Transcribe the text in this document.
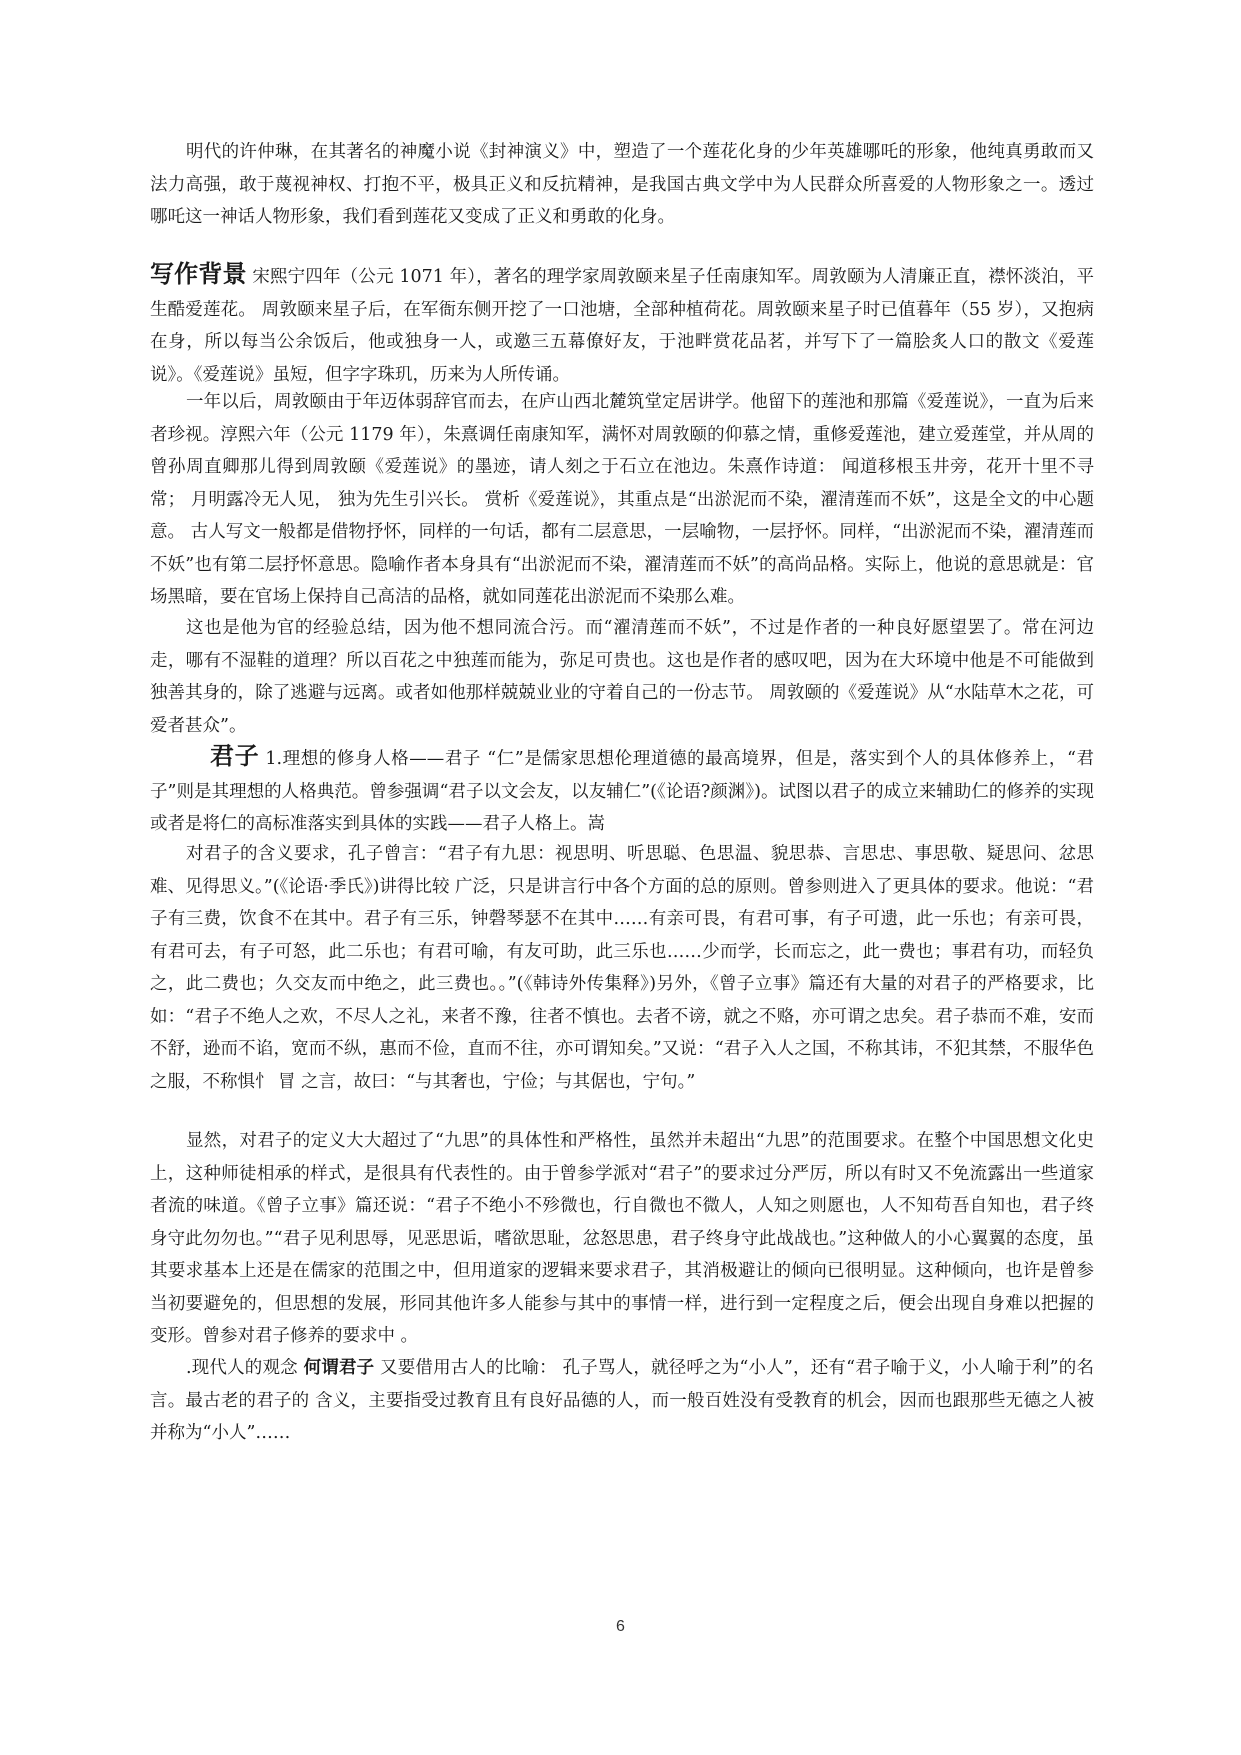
明代的许仲琳，在其著名的神魔小说《封神演义》中，塑造了一个莲花化身的少年英雄哪吒的形象，他纯真勇敢而又法力高强，敢于蔑视神权、打抱不平，极具正义和反抗精神，是我国古典文学中为人民群众所喜爱的人物形象之一。透过哪吒这一神话人物形象，我们看到莲花又变成了正义和勇敢的化身。

写作背景 宋熙宁四年（公元 1071 年），著名的理学家周敦颐来星子任南康知军。周敦颐为人清廉正直，襟怀淡泊，平生酷爱莲花。 周敦颐来星子后，在军衙东侧开挖了一口池塘，全部种植荷花。周敦颐来星子时已值暮年（55 岁），又抱病在身，所以每当公余饭后，他或独身一人，或邀三五幕僚好友，于池畔赏花品茗，并写下了一篇脍炙人口的散文《爱莲说》。《爱莲说》虽短，但字字珠玑，历来为人所传诵。

一年以后，周敦颐由于年迈体弱辞官而去，在庐山西北麓筑堂定居讲学。他留下的莲池和那篇《爱莲说》，一直为后来者珍视。淳熙六年（公元 1179 年），朱熹调任南康知军，满怀对周敦颐的仰慕之情，重修爱莲池，建立爱莲堂，并从周的曾孙周直卿那儿得到周敦颐《爱莲说》的墨迹，请人刻之于石立在池边。朱熹作诗道： 闻道移根玉井旁，花开十里不寻常； 月明露冷无人见， 独为先生引兴长。 赏析《爱莲说》，其重点是“出淤泥而不染，濯清莲而不妖”，这是全文的中心题意。 古人写文一般都是借物抒怀，同样的一句话，都有二层意思，一层喻物，一层抒怀。同样，“出淤泥而不染，濯清莲而不妖”也有第二层抒怀意思。隐喻作者本身具有“出淤泥而不染，濯清莲而不妖”的高尚品格。实际上，他说的意思就是：官场黑暗，要在官场上保持自己高洁的品格，就如同莲花出淤泥而不染那么难。

这也是他为官的经验总结，因为他不想同流合污。而“濯清莲而不妖”，不过是作者的一种良好愿望罢了。常在河边走，哪有不湿鞋的道理？所以百花之中独莲而能为，弥足可贵也。这也是作者的感叹吧，因为在大环境中他是不可能做到独善其身的，除了逃避与远离。或者如他那样兢兢业业的守着自己的一份志节。 周敦颐的《爱莲说》从“水陆草木之花，可爱者甚众”。

君子 1.理想的修身人格——君子 “仁”是儒家思想伦理道德的最高境界，但是，落实到个人的具体修养上，“君子”则是其理想的人格典范。曾参强调“君子以文会友，以友辅仁”(《论语?颜渊》)。试图以君子的成立来辅助仁的修养的实现或者是将仁的高标准落实到具体的实践——君子人格上。嵩

对君子的含义要求，孔子曾言：“君子有九思：视思明、听思聪、色思温、貌思恭、言思忠、事思敬、疑思问、忿思难、见得思义。”(《论语·季氏》)讲得比较 广泛，只是讲言行中各个方面的总的原则。曾参则进入了更具体的要求。他说：“君子有三费，饮食不在其中。君子有三乐，钟磬琴瑟不在其中……有亲可畏，有君可事，有子可遗，此一乐也；有亲可畏，有君可去，有子可怒，此二乐也；有君可喻，有友可助，此三乐也……少而学，长而忘之，此一费也；事君有功，而轻负之，此二费也；久交友而中绝之，此三费也。。”(《韩诗外传集释》)另外，《曾子立事》篇还有大量的对君子的严格要求，比如：“君子不绝人之欢，不尽人之礼，来者不豫，往者不慎也。去者不谤，就之不赂，亦可谓之忠矣。君子恭而不难，安而不舒，逊而不谄，宽而不纵，惠而不俭，直而不往，亦可谓知矣。”又说：“君子入人之国，不称其讳，不犯其禁，不服华色之服，不称惧忄 冒 之言，故曰：“与其奢也，宁俭；与其倨也，宁句。”

显然，对君子的定义大大超过了“九思”的具体性和严格性，虽然并未超出“九思”的范围要求。在整个中国思想文化史上，这种师徒相承的样式，是很具有代表性的。由于曾参学派对“君子”的要求过分严厉，所以有时又不免流露出一些道家者流的味道。《曾子立事》篇还说：“君子不绝小不殄微也，行自微也不微人，人知之则愿也，人不知苟吾自知也，君子终身守此勿勿也。”“君子见利思辱，见恶思诟，嗜欲思耻，忿怒思患，君子终身守此战战也。”这种做人的小心翼翼的态度，虽其要求基本上还是在儒家的范围之中，但用道家的逻辑来要求君子，其消极避让的倾向已很明显。这种倾向，也许是曾参当初要避免的，但思想的发展，形同其他许多人能参与其中的事情一样，进行到一定程度之后，便会出现自身难以把握的变形。曾参对君子修养的要求中 。

.现代人的观念 何谓君子 又要借用古人的比喻： 孔子骂人，就径呼之为“小人”，还有“君子喻于义，小人喻于利”的名言。最古老的君子的 含义，主要指受过教育且有良好品德的人，而一般百姓没有受教育的机会，因而也跟那些无德之人被并称为“小人”……

6
